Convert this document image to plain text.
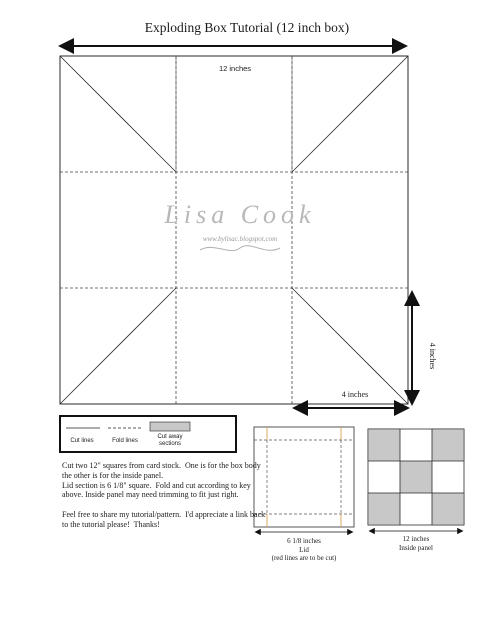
Exploding Box Tutorial (12 inch box)
12 inches
4 inches
4 inches
Lisa Cook
www.bylisac.blogspot.com
Cut lines	Fold lines
Cut away sections
Cut two 12" squares from card stock.  One is for the box body the other is for the inside panel.
Lid section is 6 1/8" square.  Fold and cut according to key above. Inside panel may need trimming to fit just right.

Feel free to share my tutorial/pattern.  I'd appreciate a link back to the tutorial please!  Thanks!
6 1/8 inches
Lid
(red lines are to be cut)
12 inches
Inside panel
